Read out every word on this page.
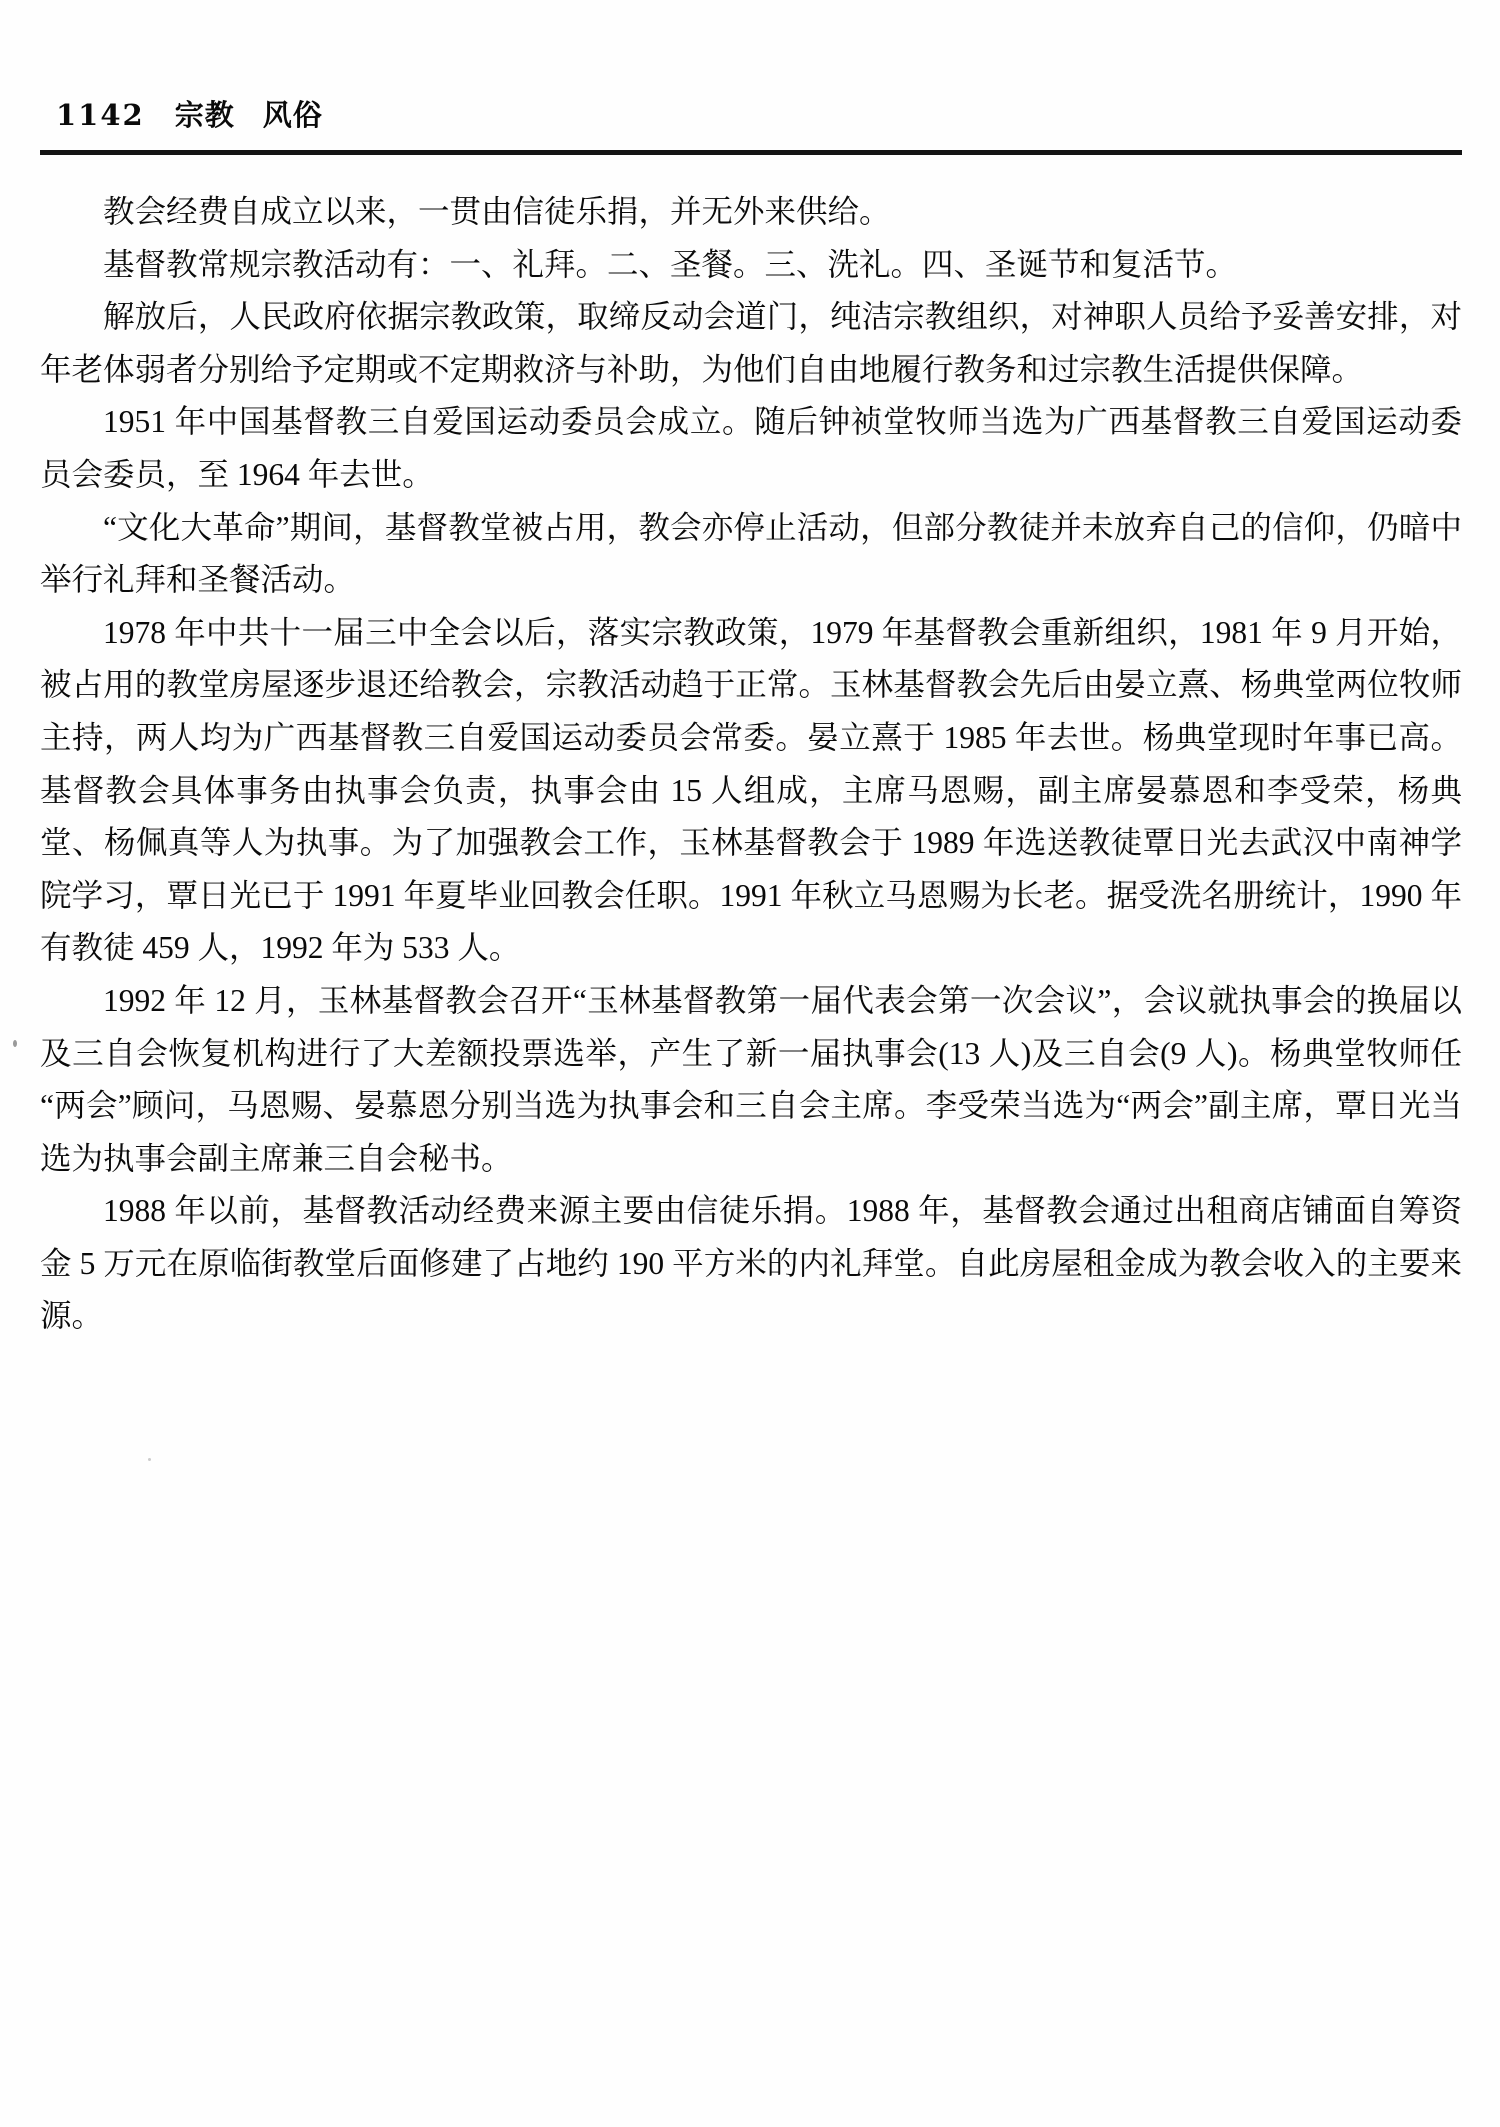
1142 宗教 风俗

教会经费自成立以来，一贯由信徒乐捐，并无外来供给。

基督教常规宗教活动有：一、礼拜。二、圣餐。三、洗礼。四、圣诞节和复活节。

解放后，人民政府依据宗教政策，取缔反动会道门，纯洁宗教组织，对神职人员给予妥善安排，对年老体弱者分别给予定期或不定期救济与补助，为他们自由地履行教务和过宗教生活提供保障。

1951 年中国基督教三自爱国运动委员会成立。随后钟祯堂牧师当选为广西基督教三自爱国运动委员会委员，至 1964 年去世。

“文化大革命”期间，基督教堂被占用，教会亦停止活动，但部分教徒并未放弃自己的信仰，仍暗中举行礼拜和圣餐活动。

1978 年中共十一届三中全会以后，落实宗教政策，1979 年基督教会重新组织，1981 年 9 月开始，被占用的教堂房屋逐步退还给教会，宗教活动趋于正常。玉林基督教会先后由晏立熹、杨典堂两位牧师主持，两人均为广西基督教三自爱国运动委员会常委。晏立熹于 1985 年去世。杨典堂现时年事已高。基督教会具体事务由执事会负责，执事会由 15 人组成，主席马恩赐，副主席晏慕恩和李受荣，杨典堂、杨佩真等人为执事。为了加强教会工作，玉林基督教会于 1989 年选送教徒覃日光去武汉中南神学院学习，覃日光已于 1991 年夏毕业回教会任职。1991 年秋立马恩赐为长老。据受洗名册统计，1990 年有教徒 459 人，1992 年为 533 人。

1992 年 12 月，玉林基督教会召开“玉林基督教第一届代表会第一次会议”，会议就执事会的换届以及三自会恢复机构进行了大差额投票选举，产生了新一届执事会(13 人)及三自会(9 人)。杨典堂牧师任“两会”顾问，马恩赐、晏慕恩分别当选为执事会和三自会主席。李受荣当选为“两会”副主席，覃日光当选为执事会副主席兼三自会秘书。

1988 年以前，基督教活动经费来源主要由信徒乐捐。1988 年，基督教会通过出租商店铺面自筹资金 5 万元在原临街教堂后面修建了占地约 190 平方米的内礼拜堂。自此房屋租金成为教会收入的主要来源。
